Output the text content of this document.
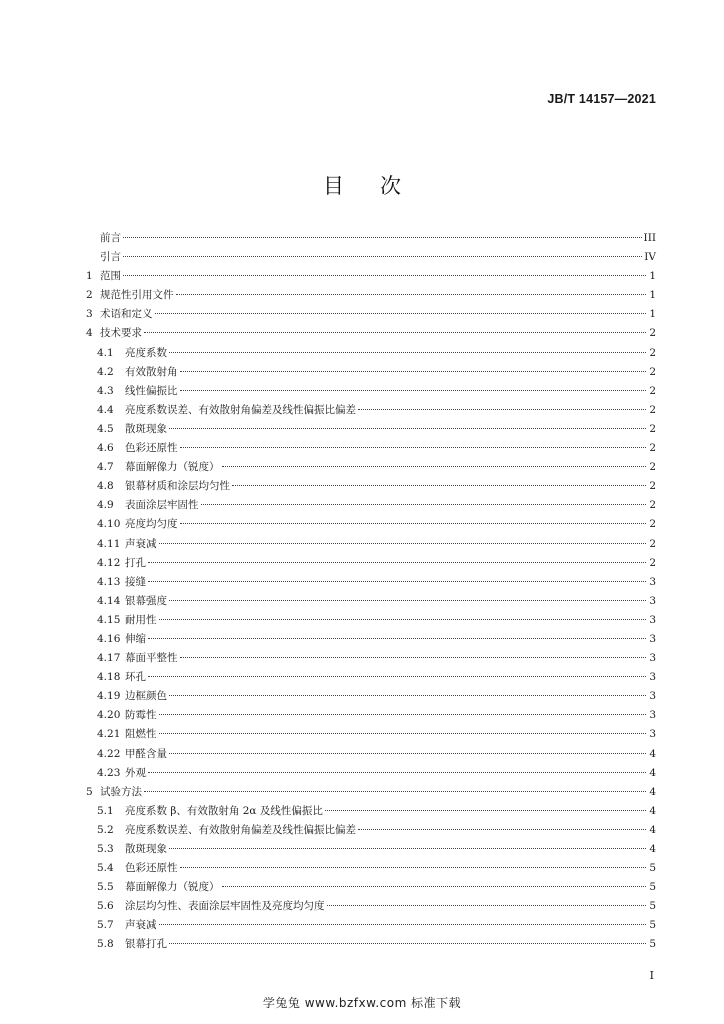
JB/T 14157—2021
目次
前言	III
引言	IV
1 范围	1
2 规范性引用文件	1
3 术语和定义	1
4 技术要求	2
4.1	亮度系数	2
4.2	有效散射角	2
4.3	线性偏振比	2
4.4	亮度系数误差、有效散射角偏差及线性偏振比偏差	2
4.5	散斑现象	2
4.6	色彩还原性	2
4.7	幕面解像力（锐度）	2
4.8	银幕材质和涂层均匀性	2
4.9	表面涂层牢固性	2
4.10 亮度均匀度	2
4.11 声衰减	2
4.12 打孔	2
4.13 接缝	3
4.14 银幕强度	3
4.15 耐用性	3
4.16 伸缩	3
4.17 幕面平整性	3
4.18 环孔	3
4.19 边框颜色	3
4.20 防霉性	3
4.21 阻燃性	3
4.22 甲醛含量	4
4.23 外观	4
5 试验方法	4
5.1	亮度系数 β、有效散射角 2α 及线性偏振比	4
5.2	亮度系数误差、有效散射角偏差及线性偏振比偏差	4
5.3	散斑现象	4
5.4	色彩还原性	5
5.5	幕面解像力（锐度）	5
5.6	涂层均匀性、表面涂层牢固性及亮度均匀度	5
5.7	声衰减	5
5.8	银幕打孔	5
I
学兔兔 www.bzfxw.com 标准下载
